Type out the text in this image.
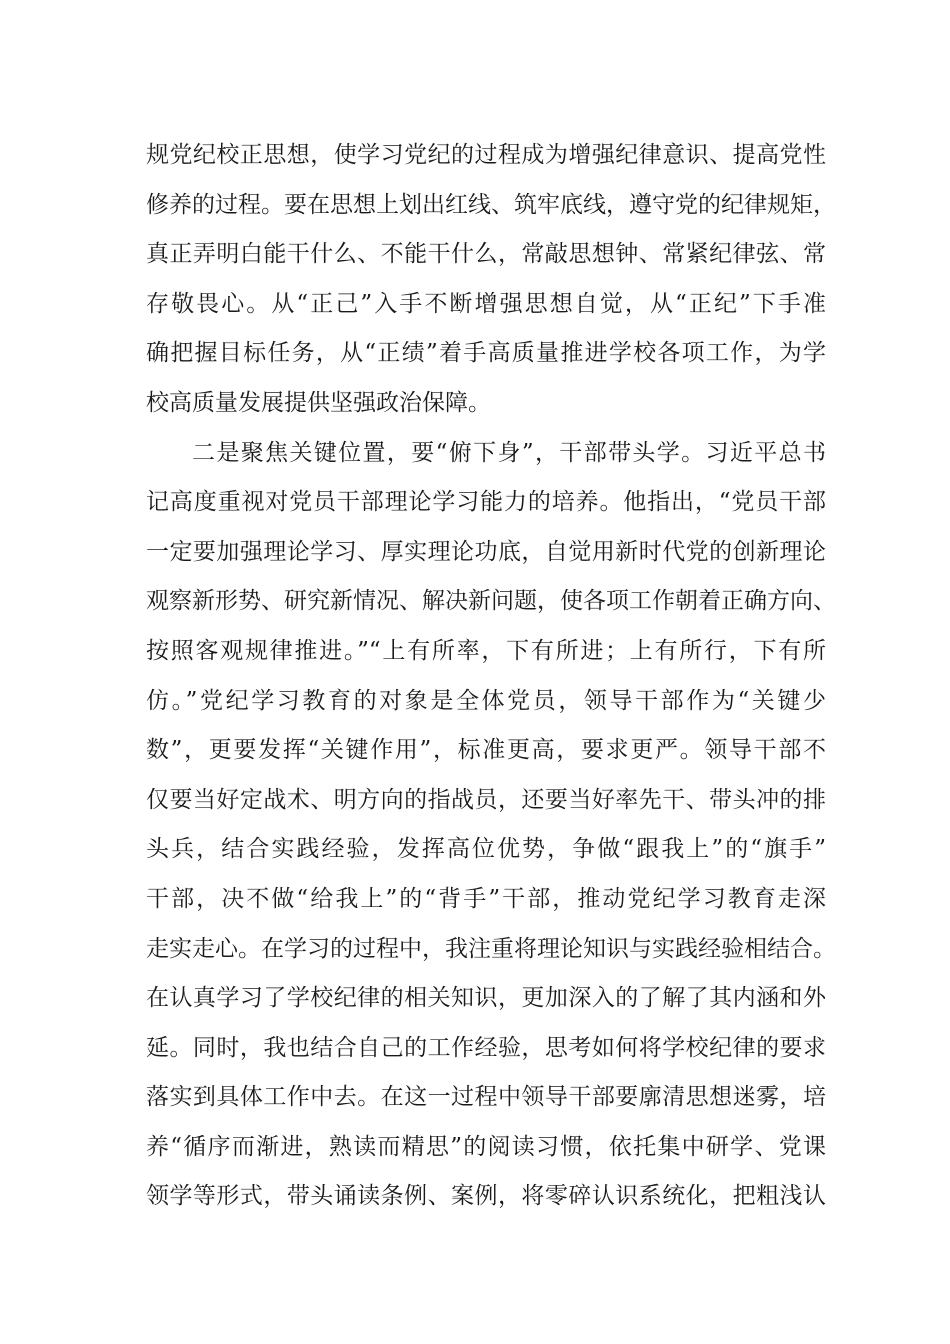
规党纪校正思想，使学习党纪的过程成为增强纪律意识、提高党性
修养的过程。要在思想上划出红线、筑牢底线，遵守党的纪律规矩，
真正弄明白能干什么、不能干什么，常敲思想钟、常紧纪律弦、常
存敬畏心。从“正己”入手不断增强思想自觉，从“正纪”下手准
确把握目标任务，从“正绩”着手高质量推进学校各项工作，为学
校高质量发展提供坚强政治保障。
二是聚焦关键位置，要“俯下身”，干部带头学。习近平总书
记高度重视对党员干部理论学习能力的培养。他指出，“党员干部
一定要加强理论学习、厚实理论功底，自觉用新时代党的创新理论
观察新形势、研究新情况、解决新问题，使各项工作朝着正确方向、
按照客观规律推进。”“上有所率，下有所进；上有所行，下有所
仿。”党纪学习教育的对象是全体党员，领导干部作为“关键少
数”，更要发挥“关键作用”，标准更高，要求更严。领导干部不
仅要当好定战术、明方向的指战员，还要当好率先干、带头冲的排
头兵，结合实践经验，发挥高位优势，争做“跟我上”的“旗手”
干部，决不做“给我上”的“背手”干部，推动党纪学习教育走深
走实走心。在学习的过程中，我注重将理论知识与实践经验相结合。
在认真学习了学校纪律的相关知识，更加深入的了解了其内涵和外
延。同时，我也结合自己的工作经验，思考如何将学校纪律的要求
落实到具体工作中去。在这一过程中领导干部要廓清思想迷雾，培
养“循序而渐进，熟读而精思”的阅读习惯，依托集中研学、党课
领学等形式，带头诵读条例、案例，将零碎认识系统化，把粗浅认
